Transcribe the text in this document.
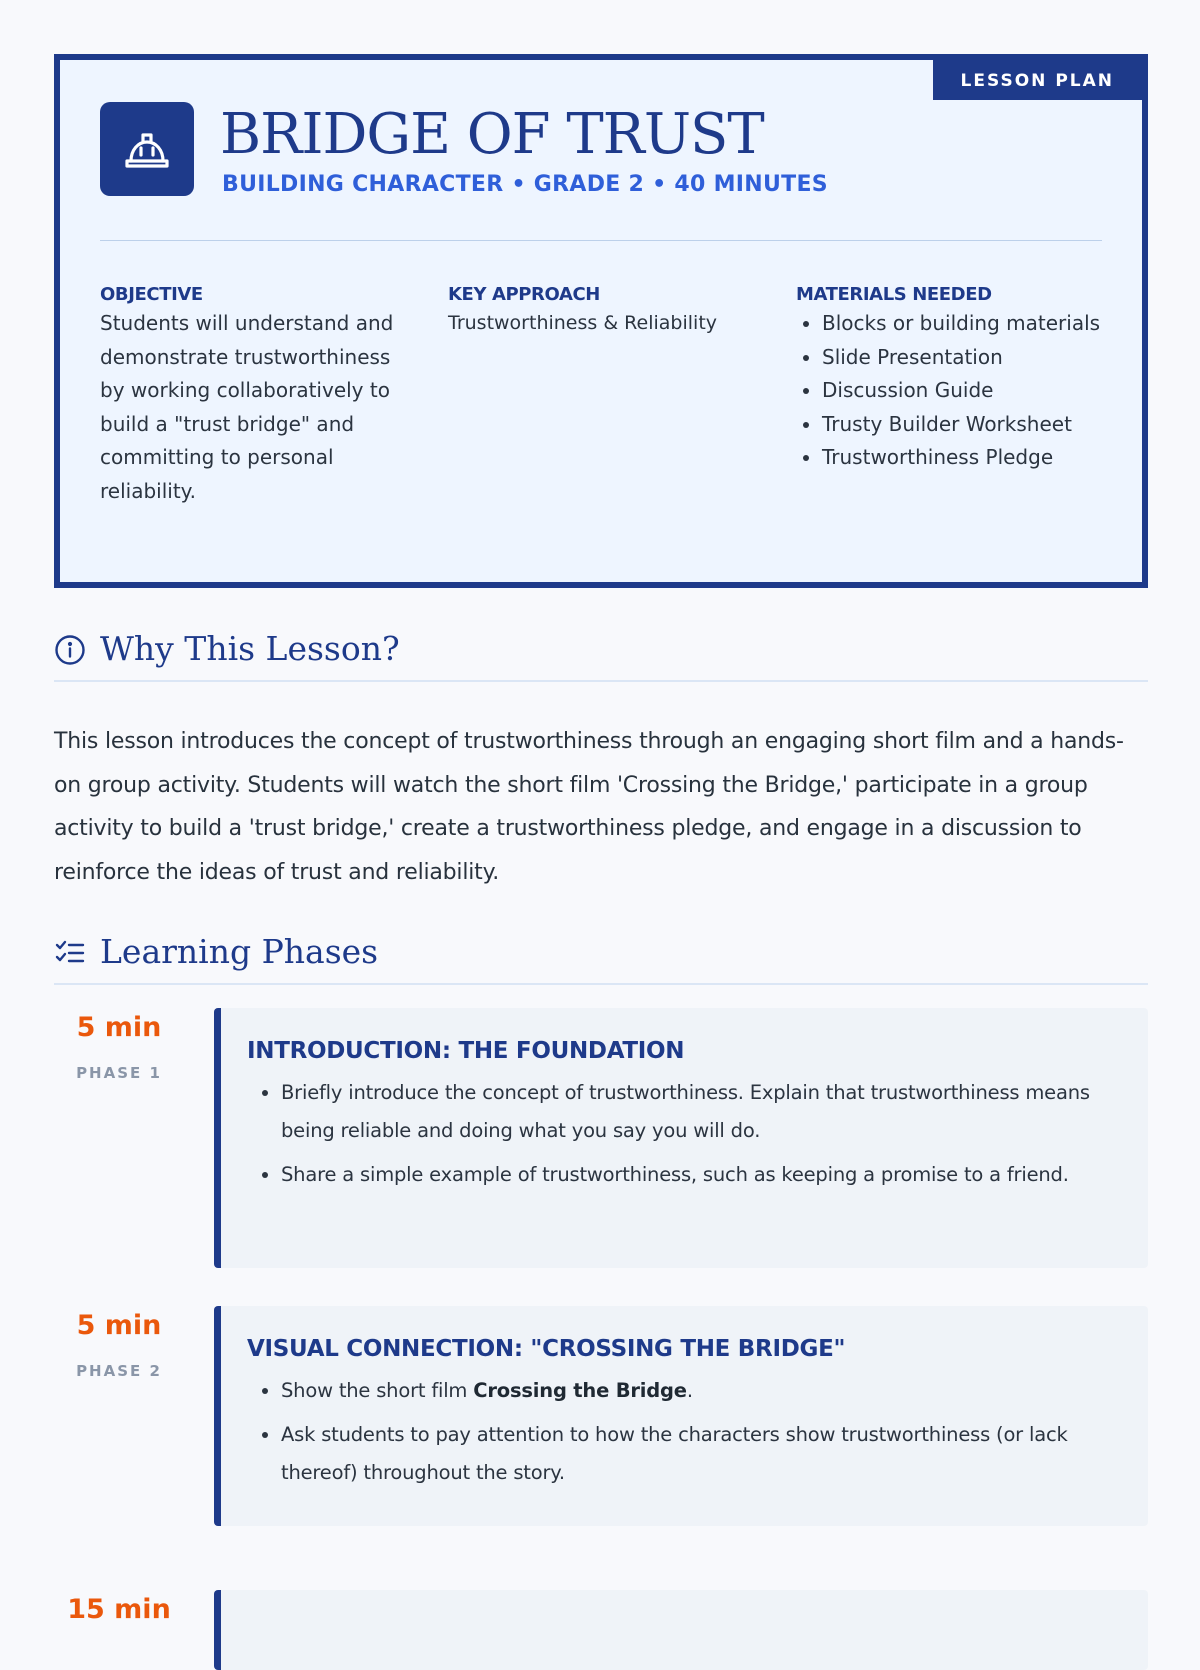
LESSON PLAN
BRIDGE OF TRUST
BUILDING CHARACTER • GRADE 2 • 40 MINUTES

OBJECTIVE

Students will understand and demonstrate trustworthiness by working collaboratively to build a "trust bridge" and committing to personal reliability.

KEY APPROACH

Trustworthiness & Reliability

MATERIALS NEEDED

• Blocks or building materials
• Slide Presentation
• Discussion Guide
• Trusty Builder Worksheet
• Trustworthiness Pledge
Why This Lesson?

This lesson introduces the concept of trustworthiness through an engaging short film and a hands-on group activity. Students will watch the short film 'Crossing the Bridge,' participate in a group activity to build a 'trust bridge,' create a trustworthiness pledge, and engage in a discussion to reinforce the ideas of trust and reliability.

Learning Phases
5 min
PHASE 1
INTRODUCTION: THE FOUNDATION
• Briefly introduce the concept of trustworthiness. Explain that trustworthiness means being reliable and doing what you say you will do.
• Share a simple example of trustworthiness, such as keeping a promise to a friend.
5 min
PHASE 2
VISUAL CONNECTION: "CROSSING THE BRIDGE"
• Show the short film Crossing the Bridge.
• Ask students to pay attention to how the characters show trustworthiness (or lack thereof) throughout the story.
15 min
